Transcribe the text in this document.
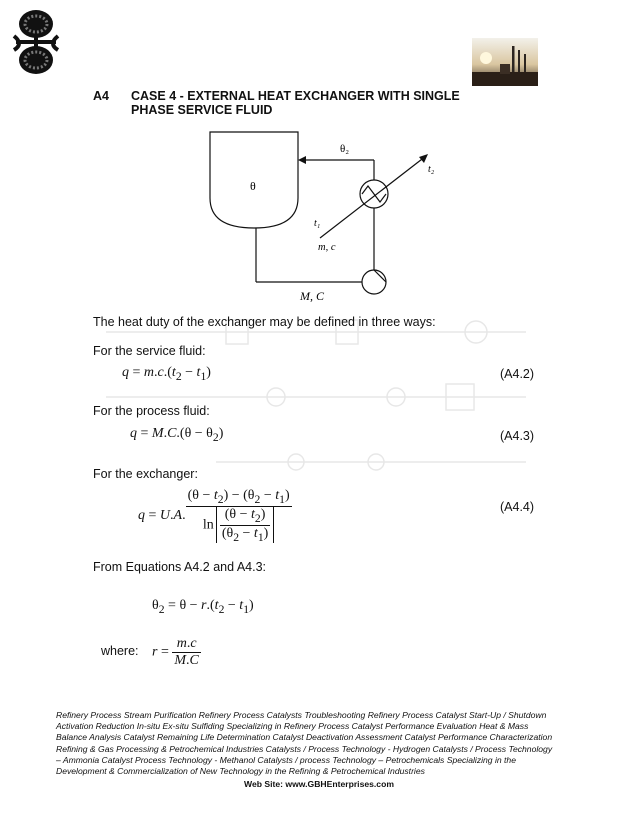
A4 CASE 4 - EXTERNAL HEAT EXCHANGER WITH SINGLE PHASE SERVICE FLUID
θ
θ₂
t₂
t₁
m, c
M, C
The heat duty of the exchanger may be defined in three ways:
For the service fluid:
$q = m.c.(t_2 - t_1)$	(A4.2)
For the process fluid:
$q = M.C.(\theta - \theta_2)$	(A4.3)
For the exchanger:
q = U.A. $\frac{(\theta - t_2) - (\theta_2 - t_1)}{\ln \frac{(\theta - t_2)}{(\theta_2 - t_1)}}$	(A4.4)
From Equations A4.2 and A4.3:
$\theta_2 = \theta - r.(t_2 - t_1)$
where: $r = \frac{m.c}{M.C}$
Refinery Process Stream Purification Refinery Process Catalysts Troubleshooting Refinery Process Catalyst Start-Up / Shutdown Activation Reduction In-situ Ex-situ Sulfiding Specializing in Refinery Process Catalyst Performance Evaluation Heat & Mass Balance Analysis Catalyst Remaining Life Determination Catalyst Deactivation Assessment Catalyst Performance Characterization Refining & Gas Processing & Petrochemical Industries Catalysts / Process Technology - Hydrogen Catalysts / Process Technology – Ammonia Catalyst Process Technology - Methanol Catalysts / process Technology – Petrochemicals Specializing in the Development & Commercialization of New Technology in the Refining & Petrochemical Industries
Web Site: www.GBHEnterprises.com
